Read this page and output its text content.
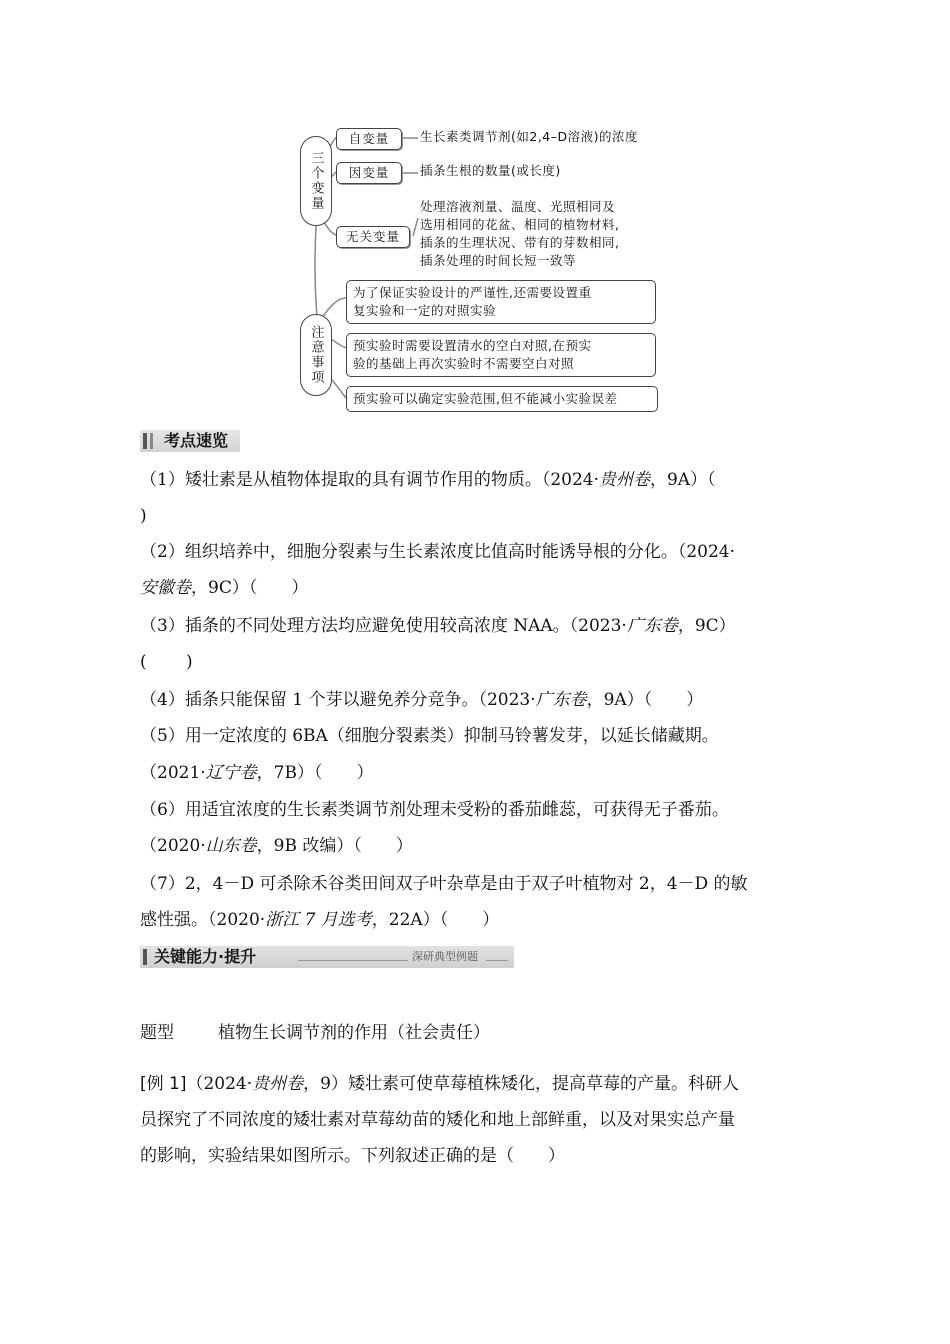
三个变量
注意事项
自变量	生长素类调节剂(如2,4–D溶液)的浓度
因变量	插条生根的数量(或长度)
无关变量
处理溶液剂量、温度、光照相同及
选用相同的花盆、相同的植物材料,
插条的生理状况、带有的芽数相同,
插条处理的时间长短一致等
为了保证实验设计的严谨性,还需要设置重
复实验和一定的对照实验
预实验时需要设置清水的空白对照,在预实
验的基础上再次实验时不需要空白对照
预实验可以确定实验范围,但不能减小实验误差
考点速览
（1）矮壮素是从植物体提取的具有调节作用的物质。（2024·贵州卷，9A）（
)
（2）组织培养中，细胞分裂素与生长素浓度比值高时能诱导根的分化。（2024·
安徽卷，9C）（　　）
（3）插条的不同处理方法均应避免使用较高浓度 NAA。（2023·广东卷，9C）
(　　 )
（4）插条只能保留 1 个芽以避免养分竞争。（2023·广东卷，9A）（　　）
（5）用一定浓度的 6BA（细胞分裂素类）抑制马铃薯发芽，以延长储藏期。
（2021·辽宁卷，7B）（　　）
（6）用适宜浓度的生长素类调节剂处理未受粉的番茄雌蕊，可获得无子番茄。
（2020·山东卷，9B 改编）（　　）
（7）2，4－D 可杀除禾谷类田间双子叶杂草是由于双子叶植物对 2，4－D 的敏
感性强。（2020·浙江 7 月选考，22A）（　　）
关键能力·提升	深研典型例题
题型	植物生长调节剂的作用（社会责任）
[例 1]（2024·贵州卷，9）矮壮素可使草莓植株矮化，提高草莓的产量。科研人
员探究了不同浓度的矮壮素对草莓幼苗的矮化和地上部鲜重，以及对果实总产量
的影响，实验结果如图所示。下列叙述正确的是（　　）
